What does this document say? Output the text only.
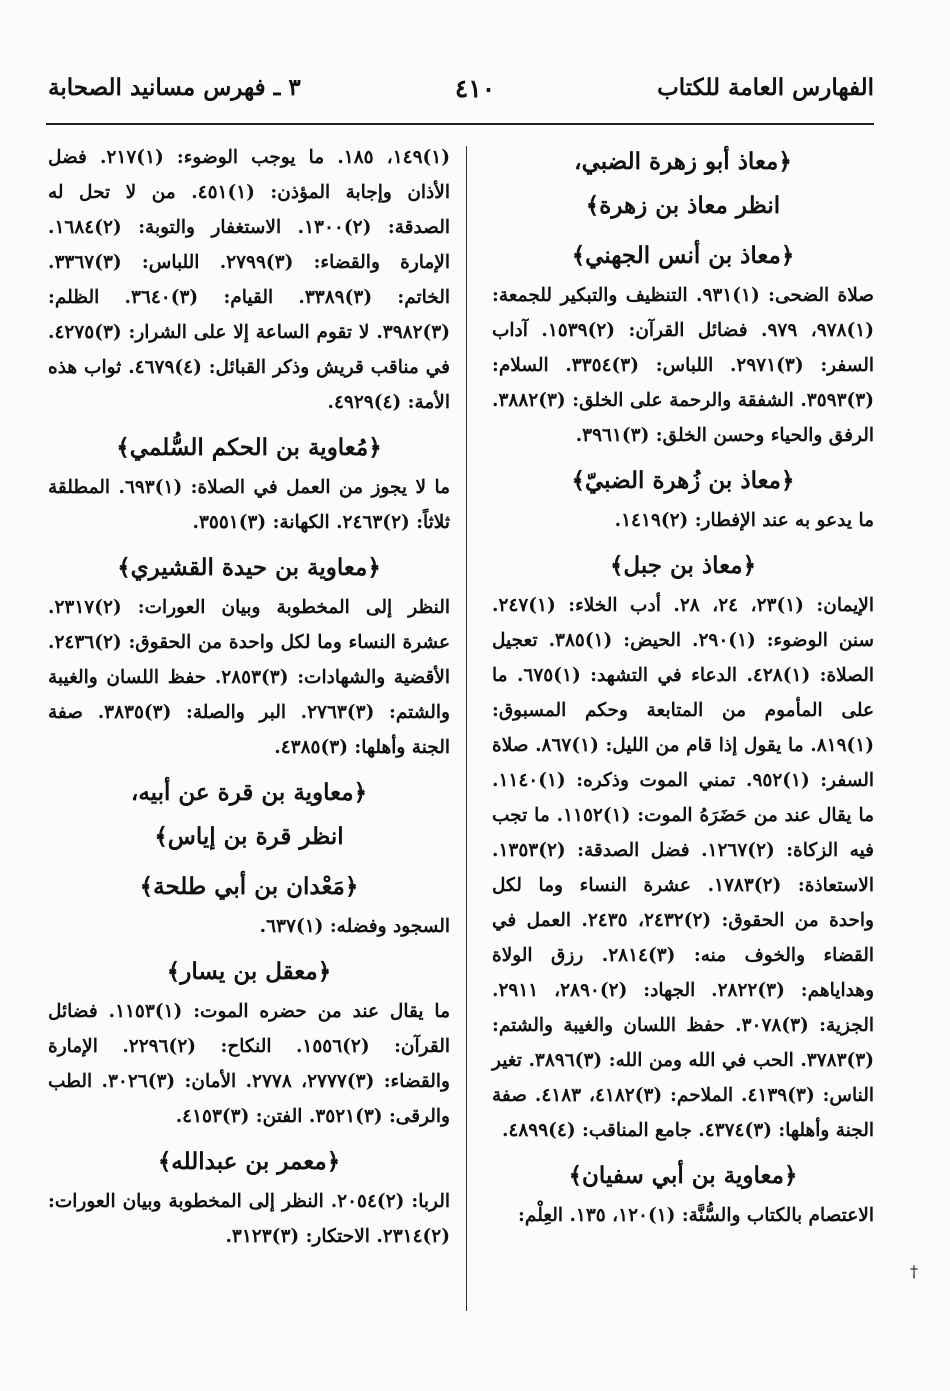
الفهارس العامة للكتاب
٤١٠
٣ ـ فهرس مسانيد الصحابة
﴿معاذ أبو زهرة الضبي،
انظر معاذ بن زهرة﴾
﴿معاذ بن أنس الجهني﴾
صلاة الضحى: (١)٩٣١. التنظيف والتبكير للجمعة: (١)٩٧٨، ٩٧٩. فضائل القرآن: (٢)١٥٣٩. آداب السفر: (٣)٢٩٧١. اللباس: (٣)٣٣٥٤. السلام: (٣)٣٥٩٣. الشفقة والرحمة على الخلق: (٣)٣٨٨٢. الرفق والحياء وحسن الخلق: (٣)٣٩٦١.
﴿معاذ بن زُهرة الضبيّ﴾
ما يدعو به عند الإفطار: (٢)١٤١٩.
﴿معاذ بن جبل﴾
الإيمان: (١)٢٣، ٢٤، ٢٨. أدب الخلاء: (١)٢٤٧. سنن الوضوء: (١)٢٩٠. الحيض: (١)٣٨٥. تعجيل الصلاة: (١)٤٢٨. الدعاء في التشهد: (١)٦٧٥. ما على المأموم من المتابعة وحكم المسبوق: (١)٨١٩. ما يقول إذا قام من الليل: (١)٨٦٧. صلاة السفر: (١)٩٥٢. تمني الموت وذكره: (١)١١٤٠. ما يقال عند من حَضَرَهُ الموت: (١)١١٥٢. ما تجب فيه الزكاة: (٢)١٢٦٧. فضل الصدقة: (٢)١٣٥٣. الاستعاذة: (٢)١٧٨٣. عشرة النساء وما لكل واحدة من الحقوق: (٢)٢٤٣٢، ٢٤٣٥. العمل في القضاء والخوف منه: (٣)٢٨١٤. رزق الولاة وهداياهم: (٣)٢٨٢٢. الجهاد: (٢)٢٨٩٠، ٢٩١١. الجزية: (٣)٣٠٧٨. حفظ اللسان والغيبة والشتم: (٣)٣٧٨٣. الحب في الله ومن الله: (٣)٣٨٩٦. تغير الناس: (٣)٤١٣٩. الملاحم: (٣)٤١٨٢، ٤١٨٣. صفة الجنة وأهلها: (٣)٤٣٧٤. جامع المناقب: (٤)٤٨٩٩.
﴿معاوية بن أبي سفيان﴾
الاعتصام بالكتاب والسُّنَّة: (١)١٢٠، ١٣٥. العِلْم:
(١)١٤٩، ١٨٥. ما يوجب الوضوء: (١)٢١٧. فضل الأذان وإجابة المؤذن: (١)٤٥١. من لا تحل له الصدقة: (٢)١٣٠٠. الاستغفار والتوبة: (٢)١٦٨٤. الإمارة والقضاء: (٣)٢٧٩٩. اللباس: (٣)٣٣٦٧. الخاتم: (٣)٣٣٨٩. القيام: (٣)٣٦٤٠. الظلم: (٣)٣٩٨٢. لا تقوم الساعة إلا على الشرار: (٣)٤٢٧٥. في مناقب قريش وذكر القبائل: (٤)٤٦٧٩. ثواب هذه الأمة: (٤)٤٩٢٩.
﴿مُعاوية بن الحكم السُّلمي﴾
ما لا يجوز من العمل في الصلاة: (١)٦٩٣. المطلقة ثلاثاً: (٢)٢٤٦٣. الكهانة: (٣)٣٥٥١.
﴿معاوية بن حيدة القشيري﴾
النظر إلى المخطوبة وبيان العورات: (٢)٢٣١٧. عشرة النساء وما لكل واحدة من الحقوق: (٢)٢٤٣٦. الأقضية والشهادات: (٣)٢٨٥٣. حفظ اللسان والغيبة والشتم: (٣)٢٧٦٣. البر والصلة: (٣)٣٨٣٥. صفة الجنة وأهلها: (٣)٤٣٨٥.
﴿معاوية بن قرة عن أبيه،
انظر قرة بن إياس﴾
﴿مَعْدان بن أبي طلحة﴾
السجود وفضله: (١)٦٣٧.
﴿معقل بن يسار﴾
ما يقال عند من حضره الموت: (١)١١٥٣. فضائل القرآن: (٢)١٥٥٦. النكاح: (٢)٢٢٩٦. الإمارة والقضاء: (٣)٢٧٧٧، ٢٧٧٨. الأمان: (٣)٣٠٢٦. الطب والرقى: (٣)٣٥٢١. الفتن: (٣)٤١٥٣.
﴿معمر بن عبدالله﴾
الربا: (٢)٢٠٥٤. النظر إلى المخطوبة وبيان العورات: (٢)٢٣١٤. الاحتكار: (٣)٣١٢٣.
†
